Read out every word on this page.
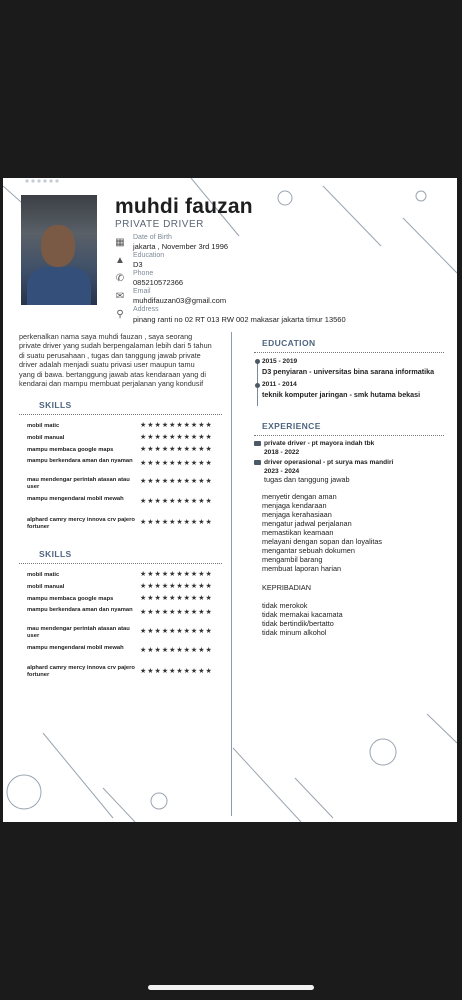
muhdi fauzan
PRIVATE DRIVER
▦ Date of Birth
jakarta , November 3rd 1996
▲ Education
D3
✆ Phone
085210572366
✉ Email
muhdifauzan03@gmail.com
⚲ Address
pinang ranti no 02 RT 013 RW 002 makasar jakarta timur 13560
perkenalkan nama saya muhdi fauzan , saya seorang
private driver yang sudah berpengalaman lebih dari 5 tahun
di suatu perusahaan , tugas dan tanggung jawab private
driver adalah menjadi suatu privasi user maupun tamu
yang di bawa. bertanggung jawab atas kendaraan yang di
kendarai dan mampu membuat perjalanan yang kondusif
SKILLS
mobil matic	★★★★★★★★★★
mobil manual	★★★★★★★★★★
mampu membaca google maps	★★★★★★★★★★
mampu berkendara aman dan nyaman	★★★★★★★★★★
mau mendengar perintah atasan atau user
★★★★★★★★★★
mampu mengendarai mobil mewah	★★★★★★★★★★
alphard camry mercy innova crv pajero fortuner
★★★★★★★★★★
SKILLS
mobil matic	★★★★★★★★★★
mobil manual	★★★★★★★★★★
mampu membaca google maps	★★★★★★★★★★
mampu berkendara aman dan nyaman	★★★★★★★★★★
mau mendengar perintah atasan atau user
★★★★★★★★★★
mampu mengendarai mobil mewah	★★★★★★★★★★
alphard camry mercy innova crv pajero fortuner	★★★★★★★★★★
EDUCATION
2015 - 2019
D3 penyiaran - universitas bina sarana informatika
2011 - 2014
teknik komputer jaringan - smk hutama bekasi
EXPERIENCE
private driver - pt mayora indah tbk
2018 - 2022
driver operasional - pt surya mas mandiri
2023 - 2024
tugas dan tanggung jawab
menyetir dengan aman
menjaga kendaraan
menjaga kerahasiaan
mengatur jadwal perjalanan
memastikan keamaan
melayani dengan sopan dan loyalitas
mengantar sebuah dokumen
mengambil barang
membuat laporan harian
KEPRIBADIAN
tidak merokok
tidak memakai kacamata
tidak bertindik/bertatto
tidak minum alkohol
